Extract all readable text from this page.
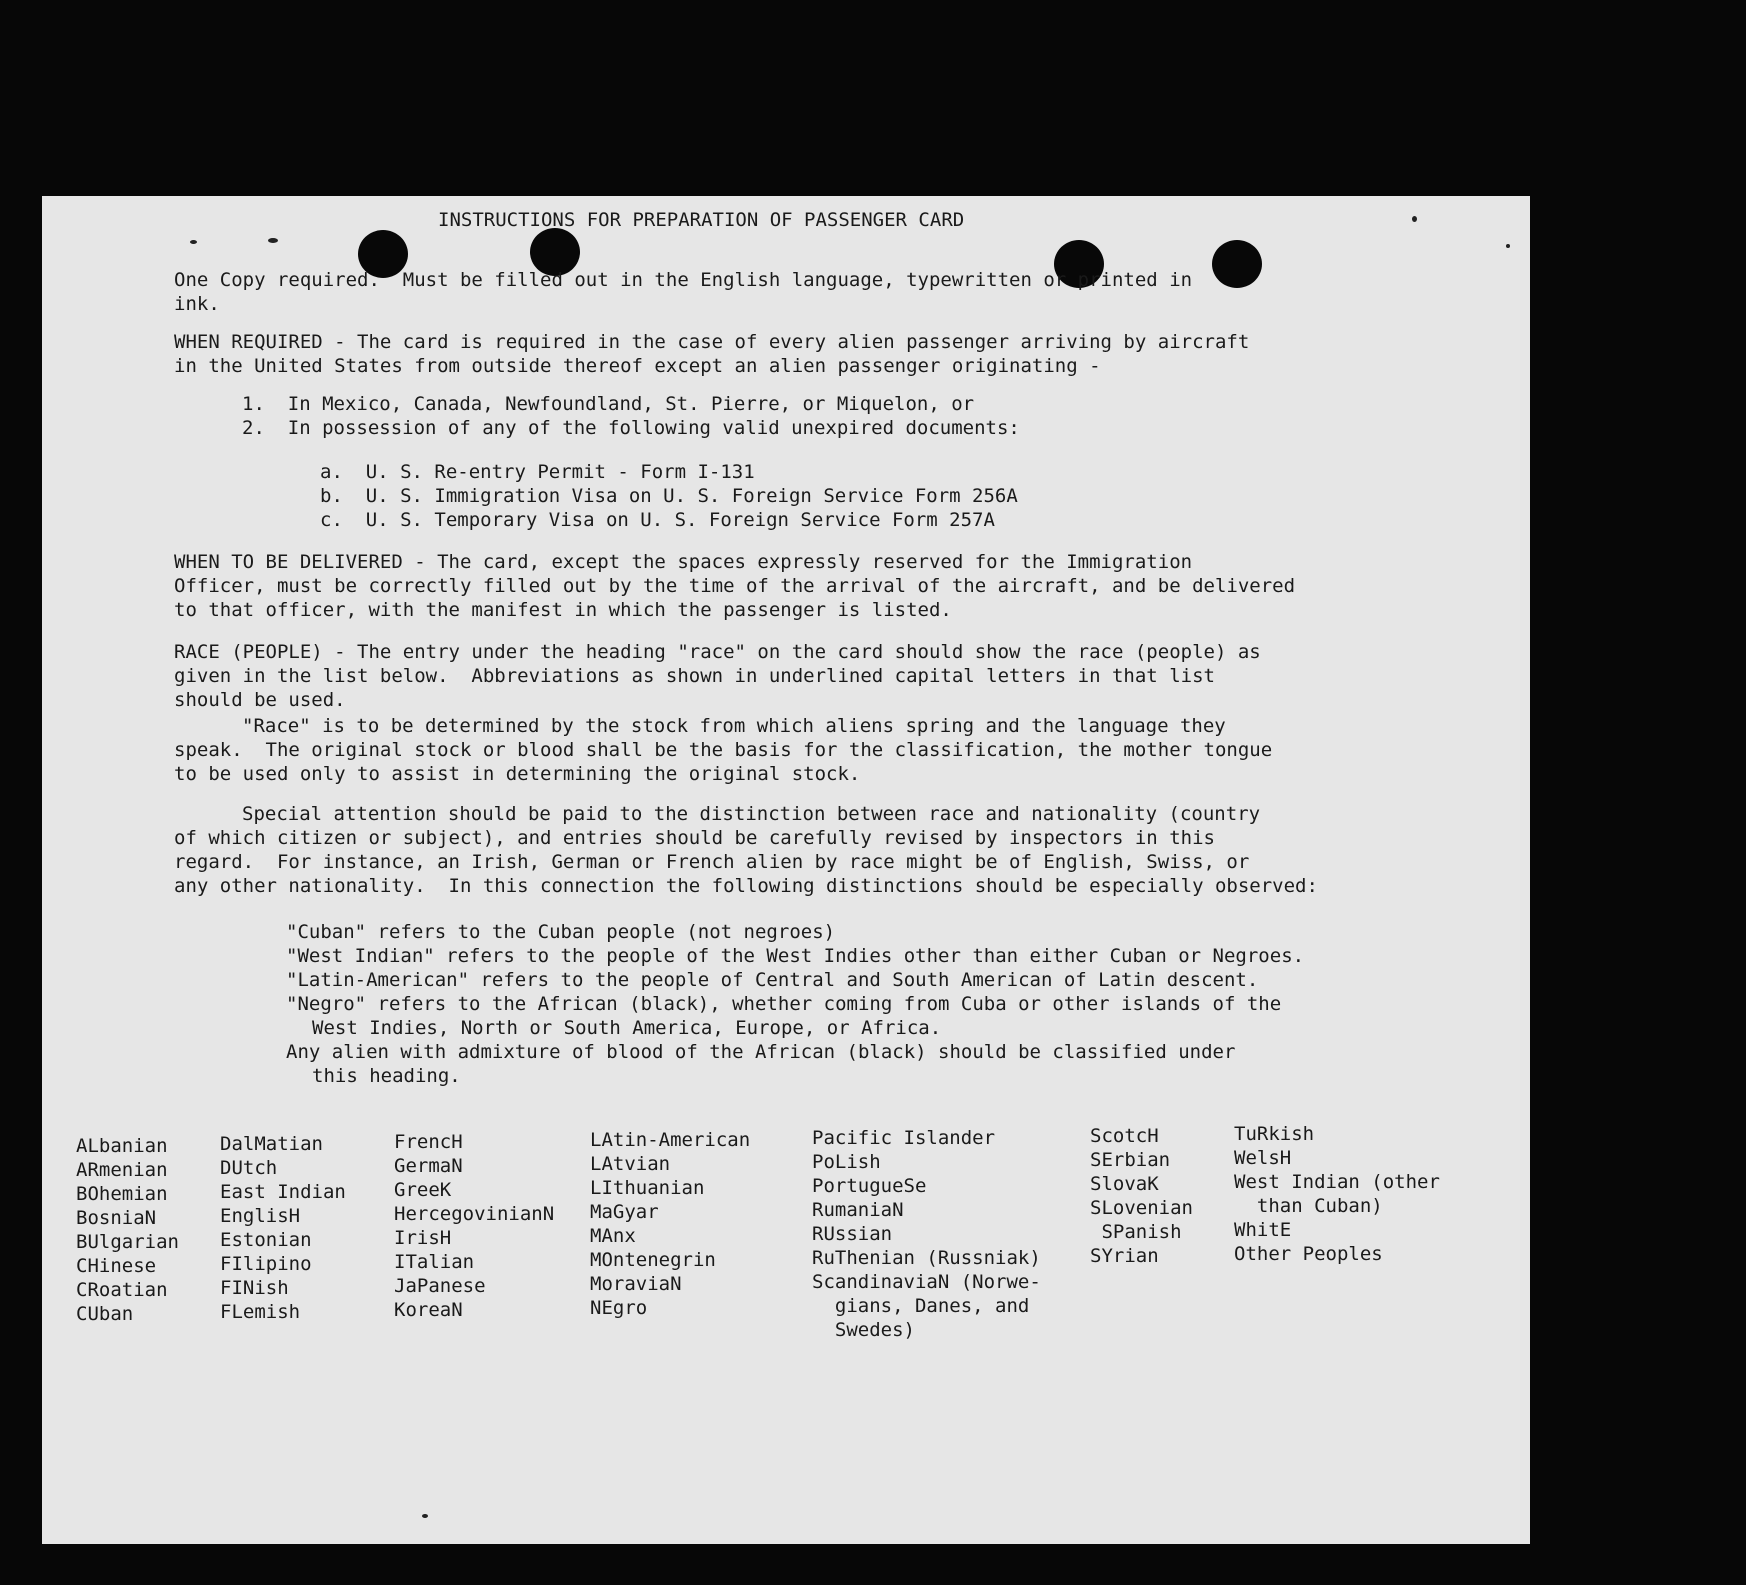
INSTRUCTIONS FOR PREPARATION OF PASSENGER CARD
One Copy required.  Must be filled out in the English language, typewritten or printed in
ink.
WHEN REQUIRED - The card is required in the case of every alien passenger arriving by aircraft
in the United States from outside thereof except an alien passenger originating -
1.  In Mexico, Canada, Newfoundland, St. Pierre, or Miquelon, or
2.  In possession of any of the following valid unexpired documents:
a.  U. S. Re-entry Permit - Form I-131
b.  U. S. Immigration Visa on U. S. Foreign Service Form 256A
c.  U. S. Temporary Visa on U. S. Foreign Service Form 257A
WHEN TO BE DELIVERED - The card, except the spaces expressly reserved for the Immigration
Officer, must be correctly filled out by the time of the arrival of the aircraft, and be delivered
to that officer, with the manifest in which the passenger is listed.
RACE (PEOPLE) - The entry under the heading "race" on the card should show the race (people) as
given in the list below.  Abbreviations as shown in underlined capital letters in that list
should be used.
"Race" is to be determined by the stock from which aliens spring and the language they
speak.  The original stock or blood shall be the basis for the classification, the mother tongue
to be used only to assist in determining the original stock.
Special attention should be paid to the distinction between race and nationality (country
of which citizen or subject), and entries should be carefully revised by inspectors in this
regard.  For instance, an Irish, German or French alien by race might be of English, Swiss, or
any other nationality.  In this connection the following distinctions should be especially observed:
"Cuban" refers to the Cuban people (not negroes)
"West Indian" refers to the people of the West Indies other than either Cuban or Negroes.
"Latin-American" refers to the people of Central and South American of Latin descent.
"Negro" refers to the African (black), whether coming from Cuba or other islands of the
West Indies, North or South America, Europe, or Africa.
Any alien with admixture of blood of the African (black) should be classified under
this heading.
ALbanian
ARmenian
BOhemian
BosniaN
BUlgarian
CHinese
CRoatian
CUban
DalMatian
DUtch
East Indian
EnglisH
Estonian
FIlipino
FINish
FLemish
FrencH
GermaN
GreeK
HercegovinianN
IrisH
ITalian
JaPanese
KoreaN
LAtin-American
LAtvian
LIthuanian
MaGyar
MAnx
MOntenegrin
MoraviaN
NEgro
Pacific Islander
PoLish
PortugueSe
RumaniaN
RUssian
RuThenian (Russniak)
ScandinaviaN (Norwe-
gians, Danes, and
Swedes)
ScotcH
SErbian
SlovaK
SLovenian
SPanish
SYrian
TuRkish
WelsH
West Indian (other
than Cuban)
WhitE
Other Peoples
